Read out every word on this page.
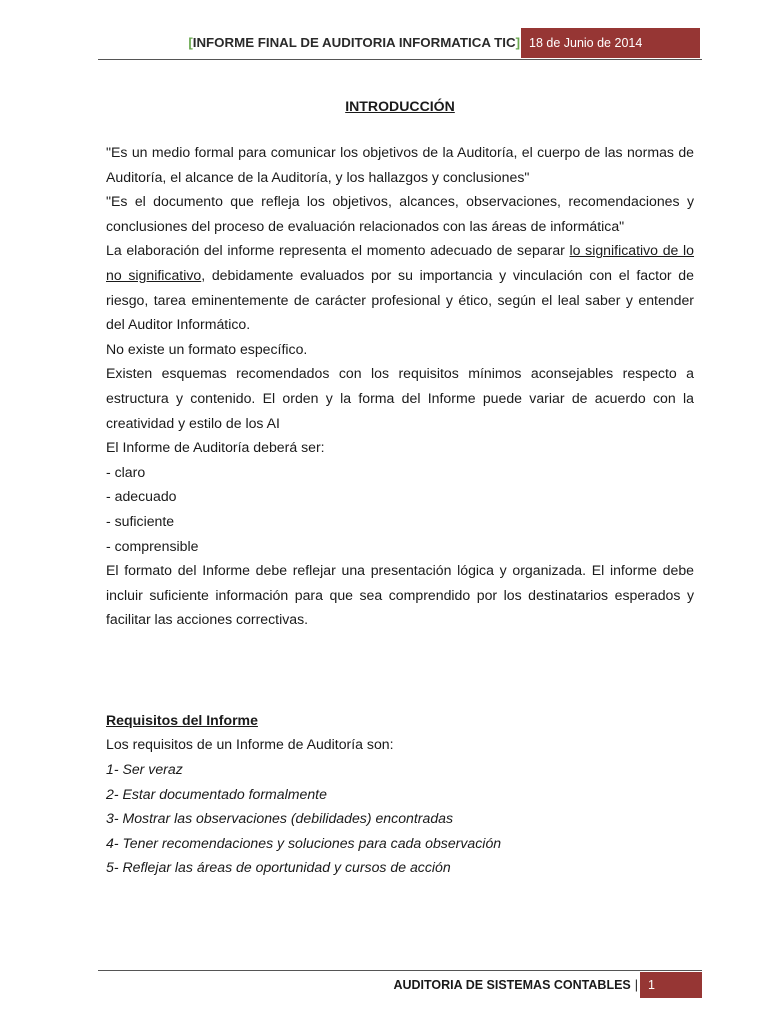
[INFORME FINAL DE AUDITORIA INFORMATICA TIC] 18 de Junio de 2014

INTRODUCCIÓN

"Es un medio formal para comunicar los objetivos de la Auditoría, el cuerpo de las normas de Auditoría, el alcance de la Auditoría, y los hallazgos y conclusiones"

"Es el documento que refleja los objetivos, alcances, observaciones, recomendaciones y conclusiones del proceso de evaluación relacionados con las áreas de informática"

La elaboración del informe representa el momento adecuado de separar lo significativo de lo no significativo, debidamente evaluados por su importancia y vinculación con el factor de riesgo, tarea eminentemente de carácter profesional y ético, según el leal saber y entender del Auditor Informático.

No existe un formato específico.

Existen esquemas recomendados con los requisitos mínimos aconsejables respecto a estructura y contenido. El orden y la forma del Informe puede variar de acuerdo con la creatividad y estilo de los AI

El Informe de Auditoría deberá ser:

- claro

- adecuado

- suficiente

- comprensible

El formato del Informe debe reflejar una presentación lógica y organizada. El informe debe incluir suficiente información para que sea comprendido por los destinatarios esperados y facilitar las acciones correctivas.

Requisitos del Informe

Los requisitos de un Informe de Auditoría son:

1- Ser veraz

2- Estar documentado formalmente

3- Mostrar las observaciones (debilidades) encontradas

4- Tener recomendaciones y soluciones para cada observación

5- Reflejar las áreas de oportunidad y cursos de acción

AUDITORIA DE SISTEMAS CONTABLES | 1
